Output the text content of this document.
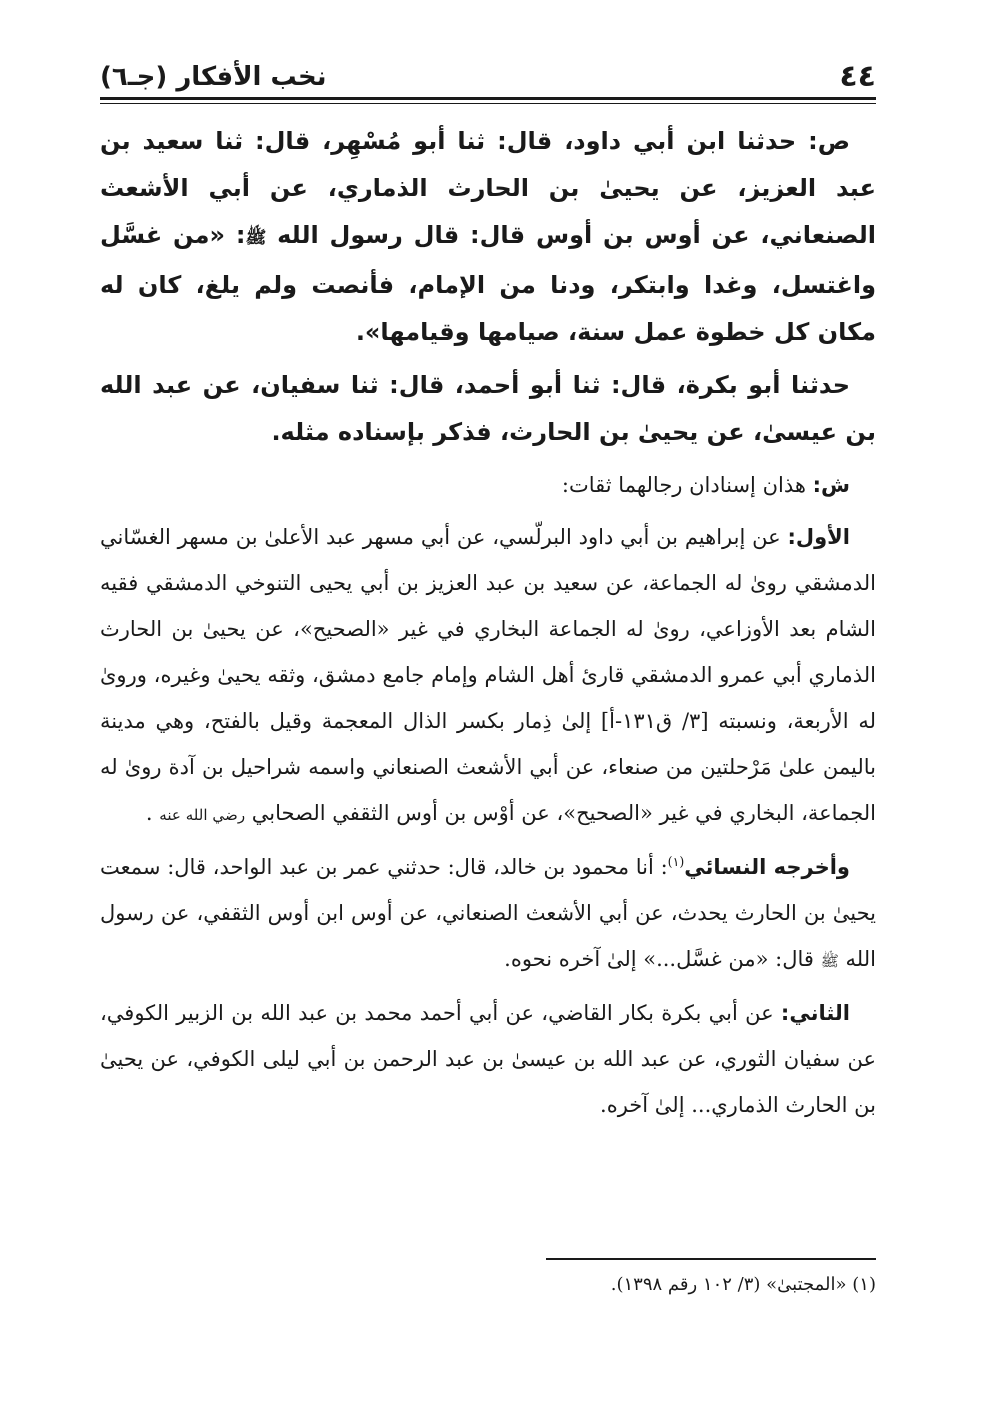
٤٤
نخب الأفكار (جـ٦)

ص: حدثنا ابن أبي داود، قال: ثنا أبو مُسْهِر، قال: ثنا سعيد بن عبد العزيز، عن يحيىٰ بن الحارث الذماري، عن أبي الأشعث الصنعاني، عن أوس بن أوس قال: قال رسول الله ﷺ: «من غسَّل واغتسل، وغدا وابتكر، ودنا من الإمام، فأنصت ولم يلغ، كان له مكان كل خطوة عمل سنة، صيامها وقيامها».

حدثنا أبو بكرة، قال: ثنا أبو أحمد، قال: ثنا سفيان، عن عبد الله بن عيسىٰ، عن يحيىٰ بن الحارث، فذكر بإسناده مثله.

ش: هذان إسنادان رجالهما ثقات:

الأول: عن إبراهيم بن أبي داود البرلّسي، عن أبي مسهر عبد الأعلىٰ بن مسهر الغسّاني الدمشقي روىٰ له الجماعة، عن سعيد بن عبد العزيز بن أبي يحيى التنوخي الدمشقي فقيه الشام بعد الأوزاعي، روىٰ له الجماعة البخاري في غير «الصحيح»، عن يحيىٰ بن الحارث الذماري أبي عمرو الدمشقي قارئ أهل الشام وإمام جامع دمشق، وثقه يحيىٰ وغيره، وروىٰ له الأربعة، ونسبته [٣/ ق١٣١-أ] إلىٰ ذِمار بكسر الذال المعجمة وقيل بالفتح، وهي مدينة باليمن علىٰ مَرْحلتين من صنعاء، عن أبي الأشعث الصنعاني واسمه شراحيل بن آدة روىٰ له الجماعة، البخاري في غير «الصحيح»، عن أوْس بن أوس الثقفي الصحابي رضي الله عنه .

وأخرجه النسائي$^{(١)}$: أنا محمود بن خالد، قال: حدثني عمر بن عبد الواحد، قال: سمعت يحيىٰ بن الحارث يحدث، عن أبي الأشعث الصنعاني، عن أوس ابن أوس الثقفي، عن رسول الله ﷺ قال: «من غسَّل...» إلىٰ آخره نحوه.

الثاني: عن أبي بكرة بكار القاضي، عن أبي أحمد محمد بن عبد الله بن الزبير الكوفي، عن سفيان الثوري، عن عبد الله بن عيسىٰ بن عبد الرحمن بن أبي ليلى الكوفي، عن يحيىٰ بن الحارث الذماري... إلىٰ آخره.

(١) «المجتبىٰ» (٣/ ١٠٢ رقم ١٣٩٨).
